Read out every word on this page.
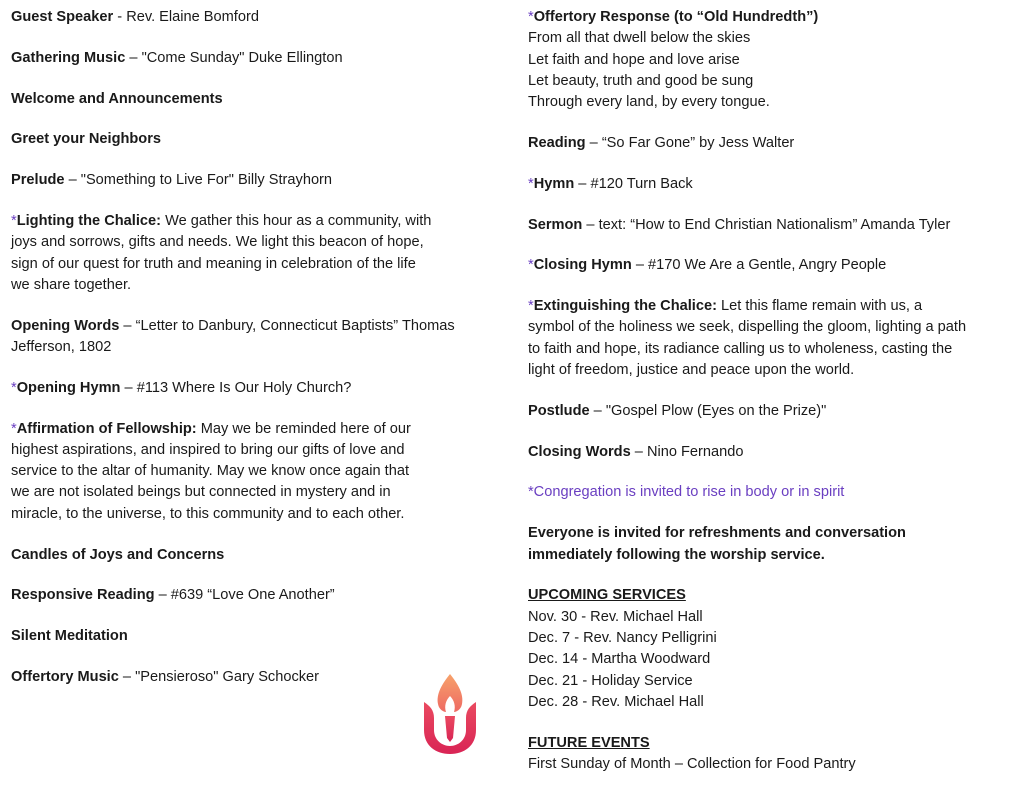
Guest Speaker - Rev. Elaine Bomford
Gathering Music – "Come Sunday" Duke Ellington
Welcome and Announcements
Greet your Neighbors
Prelude – "Something to Live For" Billy Strayhorn
*Lighting the Chalice: We gather this hour as a community, with
joys and sorrows, gifts and needs. We light this beacon of hope,
sign of our quest for truth and meaning in celebration of the life
we share together.
Opening Words – “Letter to Danbury, Connecticut Baptists” Thomas
Jefferson, 1802
*Opening Hymn – #113 Where Is Our Holy Church?
*Affirmation of Fellowship: May we be reminded here of our
highest aspirations, and inspired to bring our gifts of love and
service to the altar of humanity. May we know once again that
we are not isolated beings but connected in mystery and in
miracle, to the universe, to this community and to each other.
Candles of Joys and Concerns
Responsive Reading – #639 “Love One Another”
Silent Meditation
Offertory Music – "Pensieroso" Gary Schocker
*Offertory Response (to “Old Hundredth”)
From all that dwell below the skies
Let faith and hope and love arise
Let beauty, truth and good be sung
Through every land, by every tongue.
Reading – “So Far Gone” by Jess Walter
*Hymn – #120 Turn Back
Sermon – text: “How to End Christian Nationalism” Amanda Tyler
*Closing Hymn – #170 We Are a Gentle, Angry People
*Extinguishing the Chalice: Let this flame remain with us, a
symbol of the holiness we seek, dispelling the gloom, lighting a path
to faith and hope, its radiance calling us to wholeness, casting the
light of freedom, justice and peace upon the world.
Postlude – "Gospel Plow (Eyes on the Prize)"
Closing Words – Nino Fernando
*Congregation is invited to rise in body or in spirit
Everyone is invited for refreshments and conversation
immediately following the worship service.
UPCOMING SERVICES
Nov. 30 - Rev. Michael Hall
Dec. 7 - Rev. Nancy Pelligrini
Dec. 14 - Martha Woodward
Dec. 21 - Holiday Service
Dec. 28 - Rev. Michael Hall
FUTURE EVENTS
First Sunday of Month – Collection for Food Pantry
